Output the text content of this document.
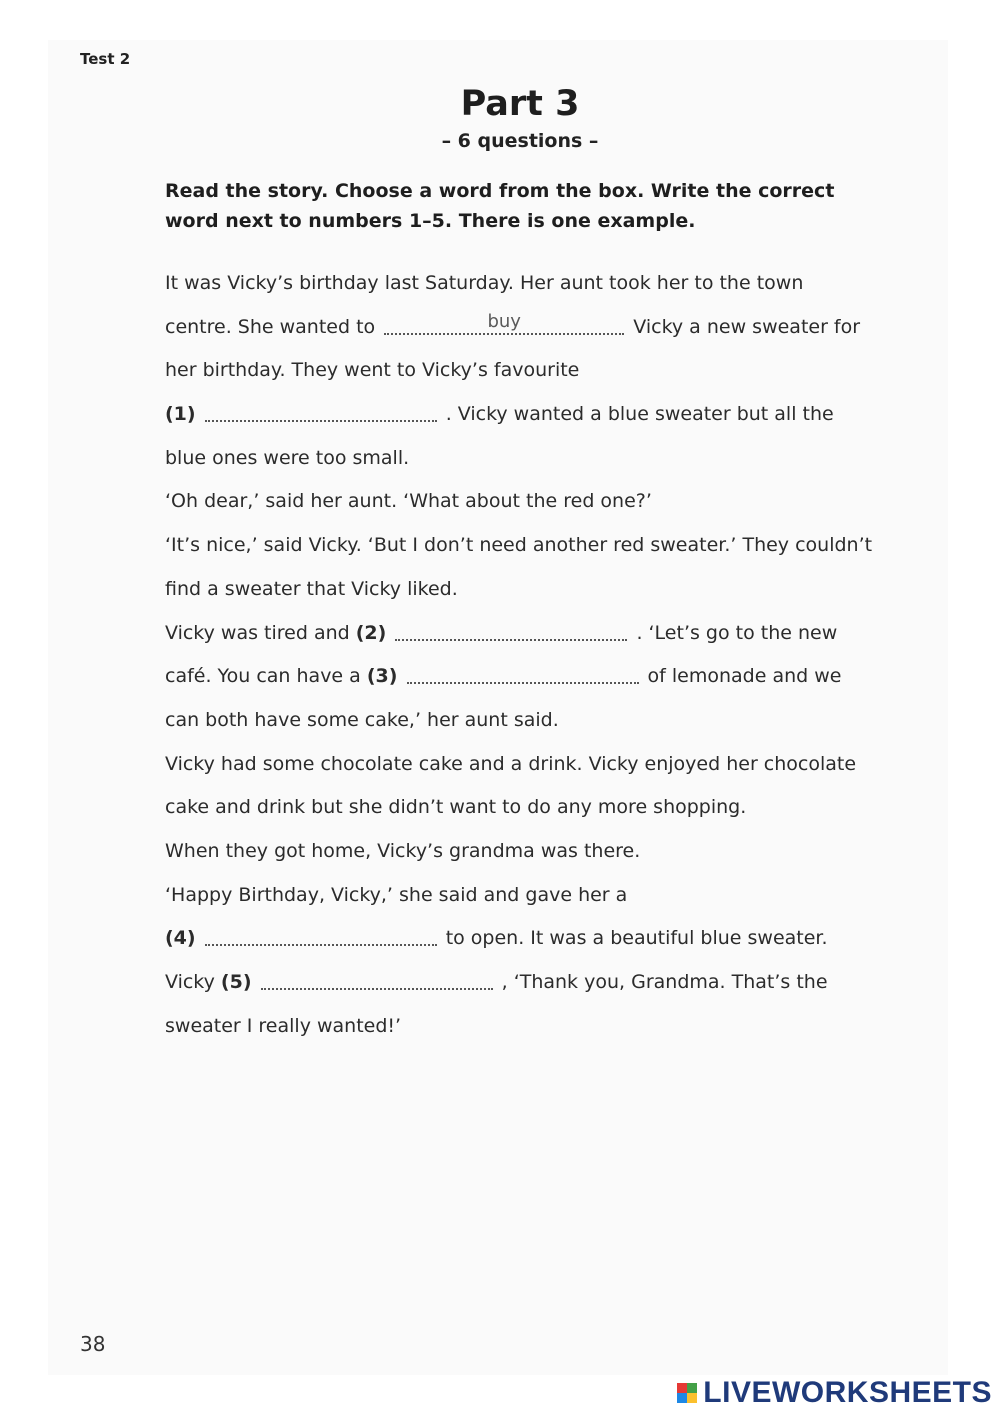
Test 2
Part 3
– 6 questions –
Read the story. Choose a word from the box. Write the correct word next to numbers 1–5. There is one example.
It was Vicky’s birthday last Saturday. Her aunt took her to the town
centre. She wanted to	buy	Vicky a new sweater for
her birthday. They went to Vicky’s favourite
(1)	. Vicky wanted a blue sweater but all the
blue ones were too small.
‘Oh dear,’ said her aunt. ‘What about the red one?’
‘It’s nice,’ said Vicky. ‘But I don’t need another red sweater.’ They couldn’t
find a sweater that Vicky liked.
Vicky was tired and (2)	. ‘Let’s go to the new
café. You can have a (3)	of lemonade and we
can both have some cake,’ her aunt said.
Vicky had some chocolate cake and a drink. Vicky enjoyed her chocolate
cake and drink but she didn’t want to do any more shopping.
When they got home, Vicky’s grandma was there.
‘Happy Birthday, Vicky,’ she said and gave her a
(4)	to open. It was a beautiful blue sweater.
Vicky (5)	, ‘Thank you, Grandma. That’s the
sweater I really wanted!’
38
LIVEWORKSHEETS
